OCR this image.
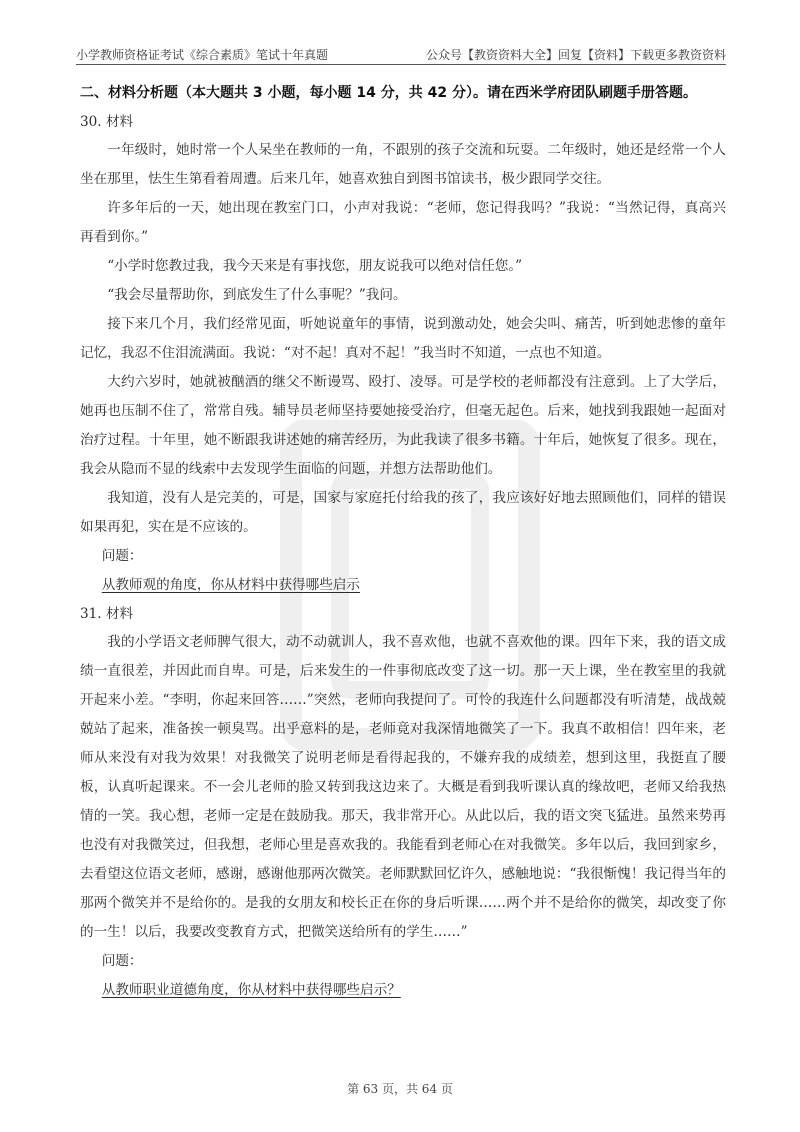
小学教师资格证考试《综合素质》笔试十年真题	公众号【教资资料大全】回复【资料】下载更多教资资料
二、材料分析题（本大题共 3 小题，每小题 14 分，共 42 分）。请在西米学府团队刷题手册答题。
30. 材料

一年级时，她时常一个人呆坐在教师的一角，不跟别的孩子交流和玩耍。二年级时，她还是经常一个人坐在那里，怯生生第看着周遭。后来几年，她喜欢独自到图书馆读书，极少跟同学交往。

许多年后的一天，她出现在教室门口，小声对我说：“老师，您记得我吗？”我说：“当然记得，真高兴再看到你。”

“小学时您教过我，我今天来是有事找您，朋友说我可以绝对信任您。”

“我会尽量帮助你，到底发生了什么事呢？”我问。

接下来几个月，我们经常见面，听她说童年的事情，说到激动处，她会尖叫、痛苦，听到她悲惨的童年记忆，我忍不住泪流满面。我说：“对不起！真对不起！”我当时不知道，一点也不知道。

大约六岁时，她就被酗酒的继父不断谩骂、殴打、凌辱。可是学校的老师都没有注意到。上了大学后，她再也压制不住了，常常自残。辅导员老师坚持要她接受治疗，但毫无起色。后来，她找到我跟她一起面对治疗过程。十年里，她不断跟我讲述她的痛苦经历，为此我读了很多书籍。十年后，她恢复了很多。现在，我会从隐而不显的线索中去发现学生面临的问题，并想方法帮助他们。

我知道，没有人是完美的，可是，国家与家庭托付给我的孩了，我应该好好地去照顾他们，同样的错误如果再犯，实在是不应该的。

问题：
从教师观的角度，你从材料中获得哪些启示
31. 材料

我的小学语文老师脾气很大，动不动就训人，我不喜欢他，也就不喜欢他的课。四年下来，我的语文成绩一直很差，并因此而自卑。可是，后来发生的一件事彻底改变了这一切。那一天上课，坐在教室里的我就开起来小差。“李明，你起来回答……”突然，老师向我提问了。可怜的我连什么问题都没有听清楚，战战兢兢站了起来，准备挨一顿臭骂。出乎意料的是，老师竟对我深情地微笑了一下。我真不敢相信！四年来，老师从来没有对我为效果！对我微笑了说明老师是看得起我的，不嫌弃我的成绩差，想到这里，我挺直了腰板，认真听起课来。不一会儿老师的脸又转到我这边来了。大概是看到我听课认真的缘故吧，老师又给我热情的一笑。我心想，老师一定是在鼓励我。那天，我非常开心。从此以后，我的语文突飞猛进。虽然来势再也没有对我微笑过，但我想，老师心里是喜欢我的。我能看到老师心在对我微笑。多年以后，我回到家乡，去看望这位语文老师，感谢，感谢他那两次微笑。老师默默回忆许久，感触地说：“我很惭愧！我记得当年的那两个微笑并不是给你的。是我的女朋友和校长正在你的身后听课……两个并不是给你的微笑，却改变了你的一生！以后，我要改变教育方式，把微笑送给所有的学生……”

问题：
从教师职业道德角度，你从材料中获得哪些启示？
第 63 页，共 64 页
